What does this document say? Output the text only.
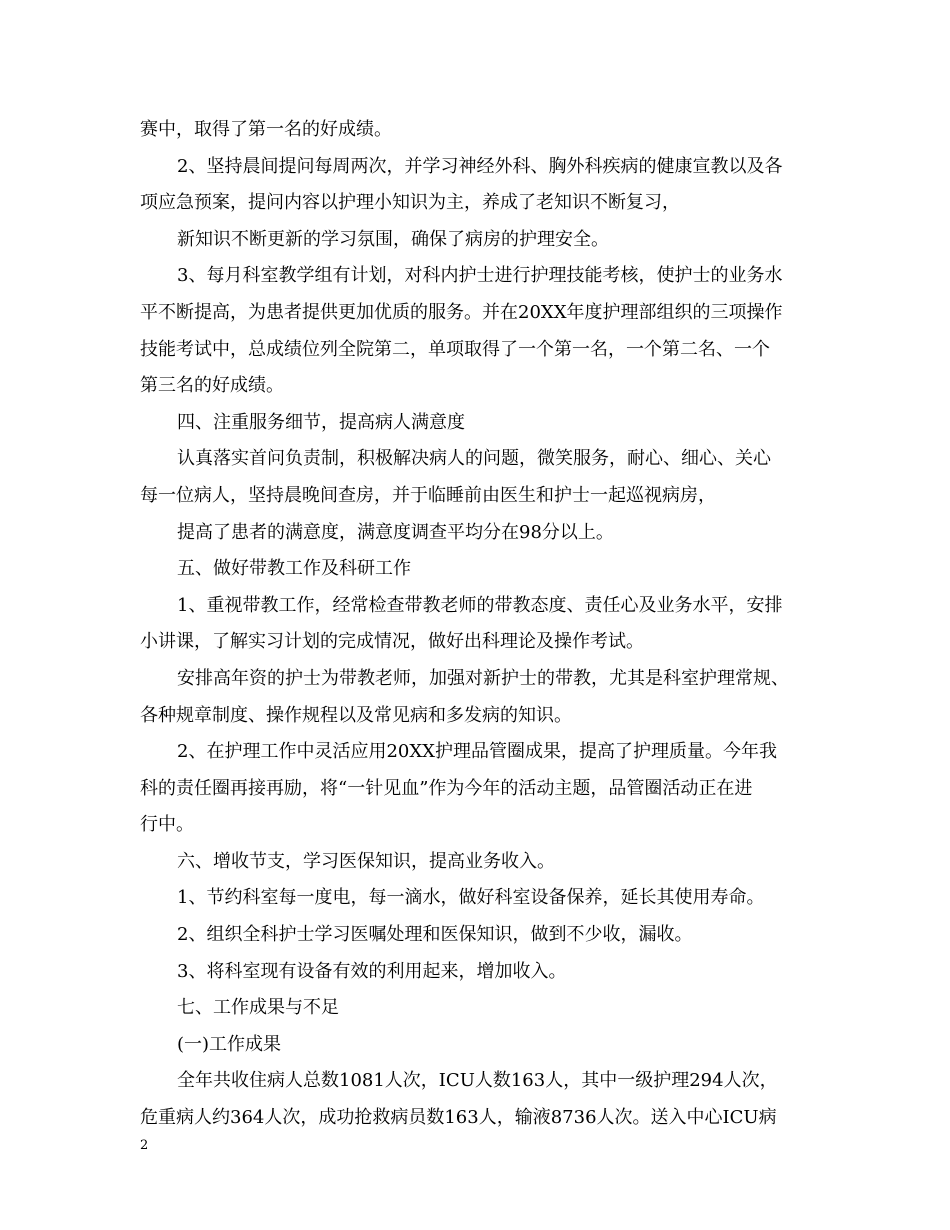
赛中，取得了第一名的好成绩。
2、坚持晨间提问每周两次，并学习神经外科、胸外科疾病的健康宣教以及各
项应急预案，提问内容以护理小知识为主，养成了老知识不断复习，
新知识不断更新的学习氛围，确保了病房的护理安全。
3、每月科室教学组有计划，对科内护士进行护理技能考核，使护士的业务水
平不断提高，为患者提供更加优质的服务。并在20XX年度护理部组织的三项操作
技能考试中，总成绩位列全院第二，单项取得了一个第一名，一个第二名、一个
第三名的好成绩。
四、注重服务细节，提高病人满意度
认真落实首问负责制，积极解决病人的问题，微笑服务，耐心、细心、关心
每一位病人，坚持晨晚间查房，并于临睡前由医生和护士一起巡视病房，
提高了患者的满意度，满意度调查平均分在98分以上。
五、做好带教工作及科研工作
1、重视带教工作，经常检查带教老师的带教态度、责任心及业务水平，安排
小讲课，了解实习计划的完成情况，做好出科理论及操作考试。
安排高年资的护士为带教老师，加强对新护士的带教，尤其是科室护理常规、
各种规章制度、操作规程以及常见病和多发病的知识。
2、在护理工作中灵活应用20XX护理品管圈成果，提高了护理质量。今年我
科的责任圈再接再励，将“一针见血”作为今年的活动主题，品管圈活动正在进
行中。
六、增收节支，学习医保知识，提高业务收入。
1、节约科室每一度电，每一滴水，做好科室设备保养，延长其使用寿命。
2、组织全科护士学习医嘱处理和医保知识，做到不少收，漏收。
3、将科室现有设备有效的利用起来，增加收入。
七、工作成果与不足
(一)工作成果
全年共收住病人总数1081人次，ICU人数163人，其中一级护理294人次，
危重病人约364人次，成功抢救病员数163人，输液8736人次。送入中心ICU病
2
